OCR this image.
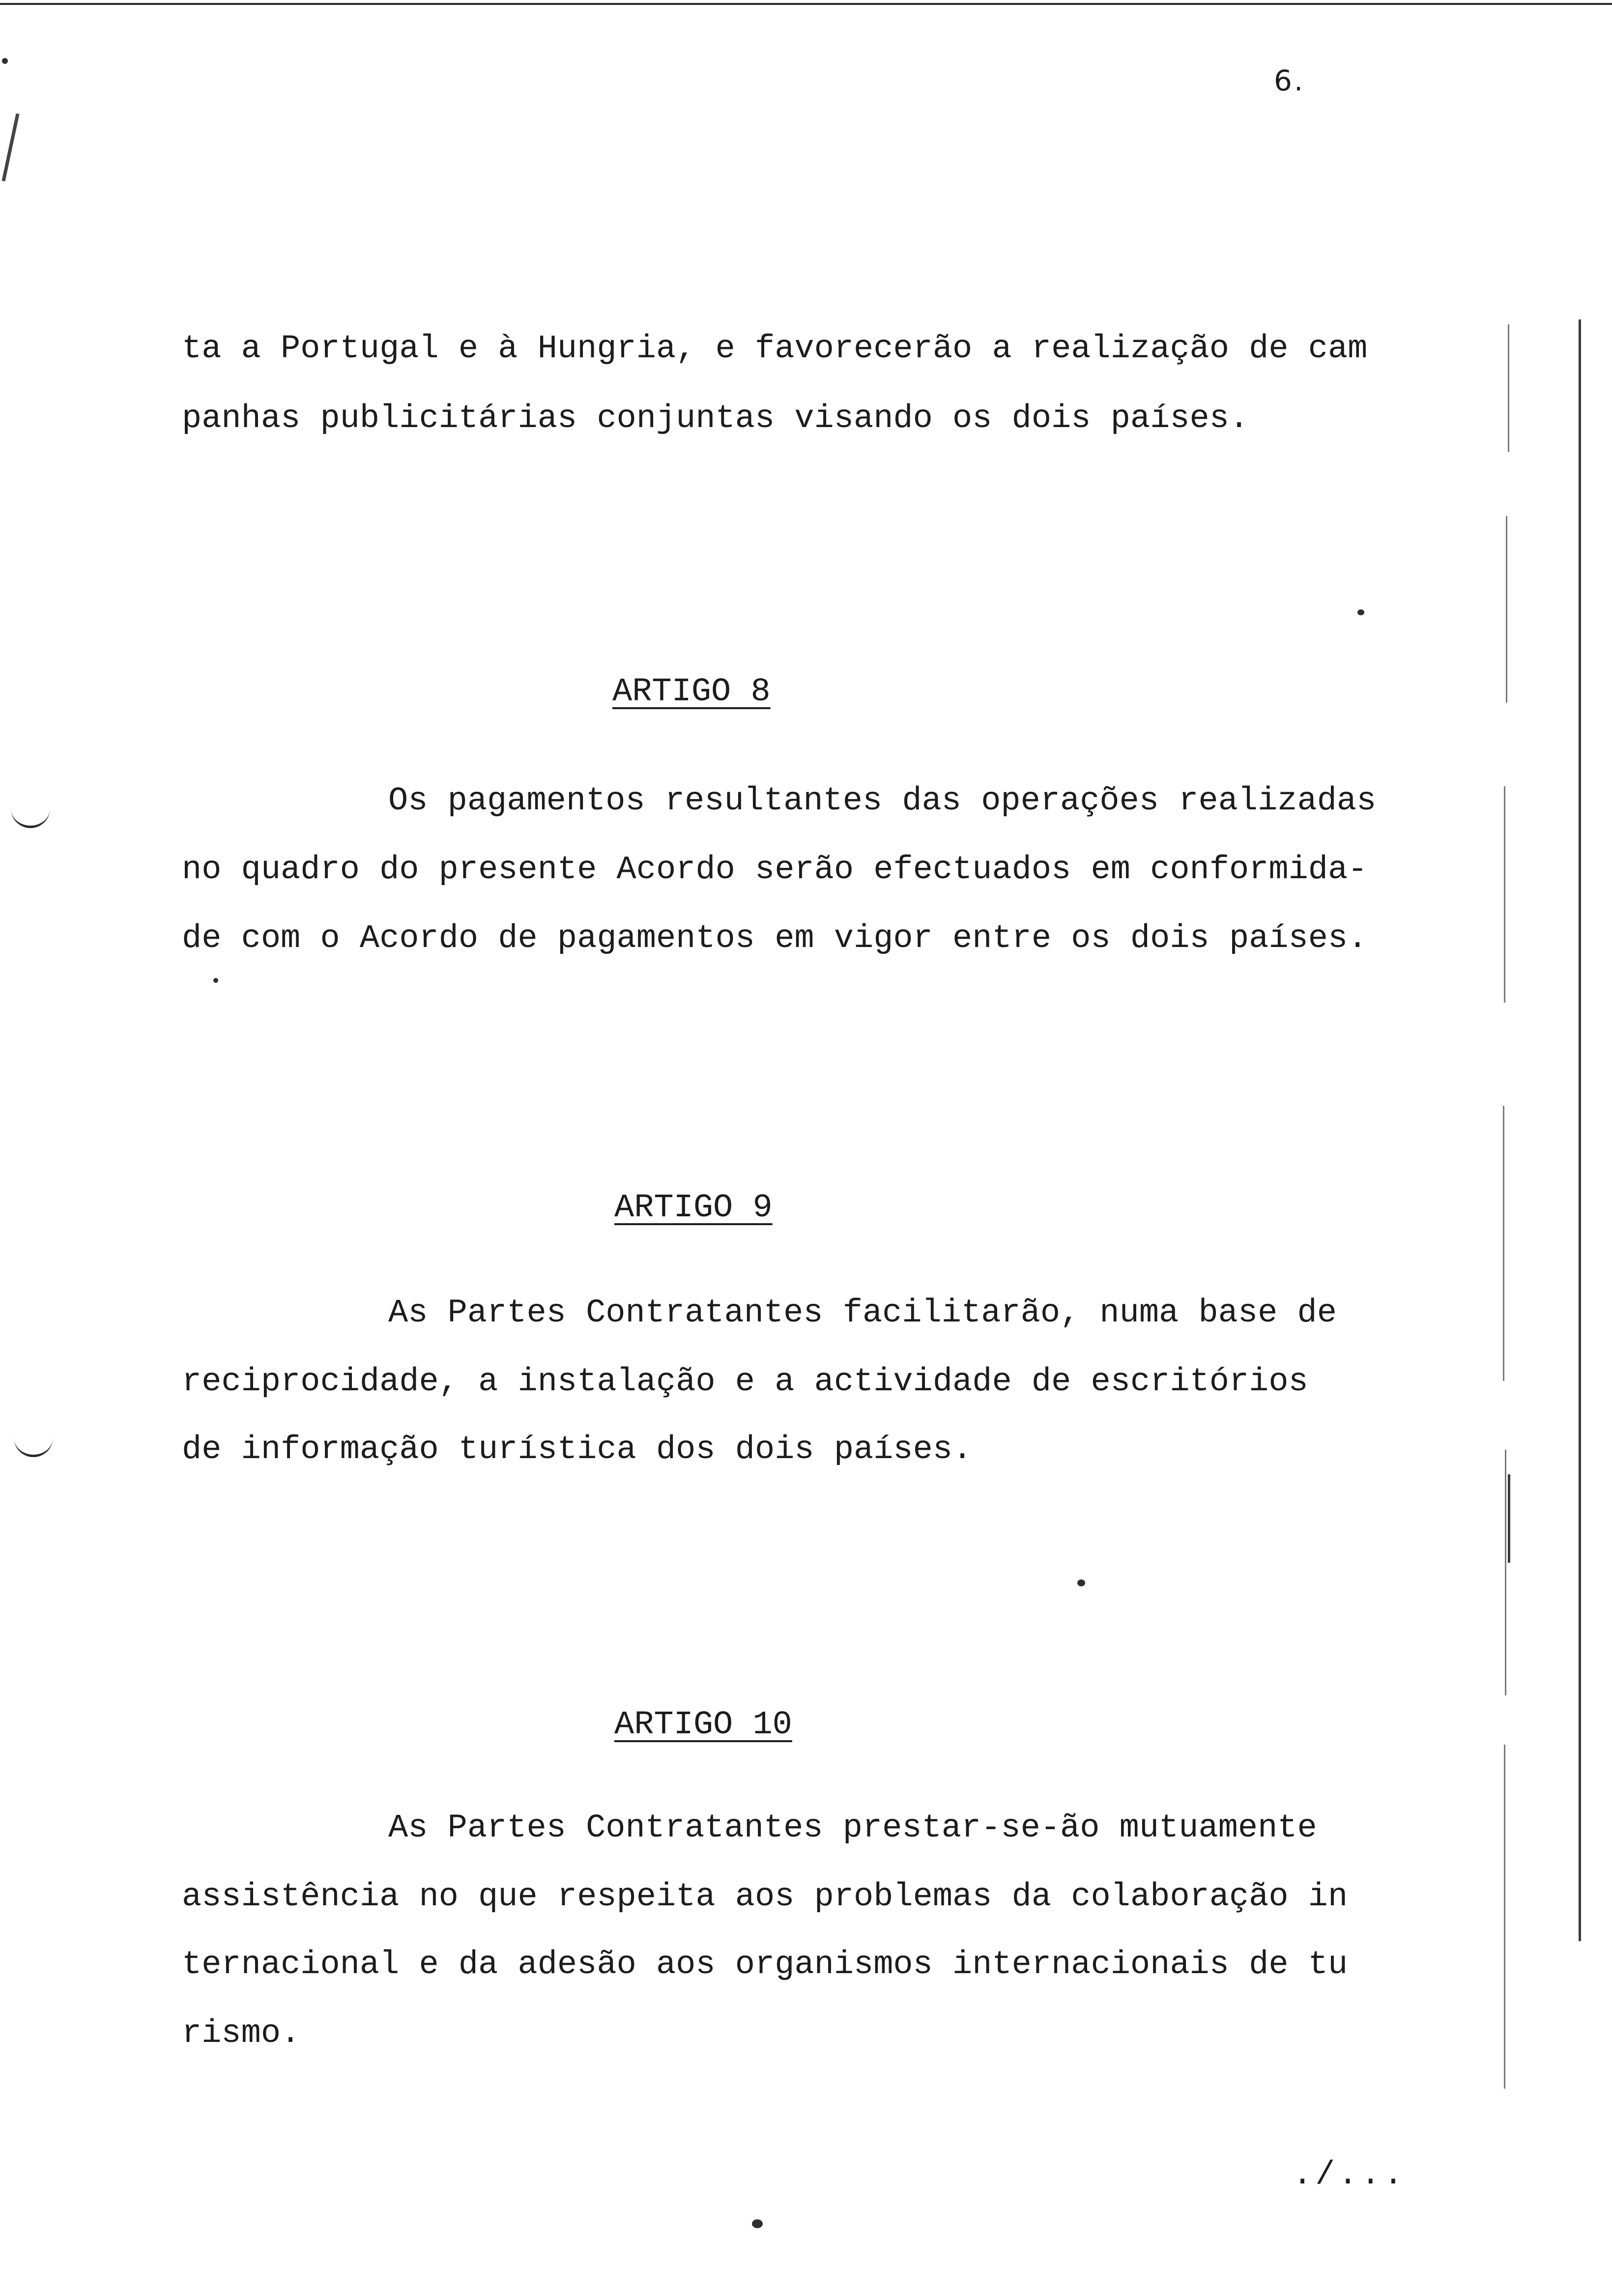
6.
ta a Portugal e à Hungria, e favorecerão a realização de cam
panhas publicitárias conjuntas visando os dois países.
ARTIGO 8
Os pagamentos resultantes das operações realizadas
no quadro do presente Acordo serão efectuados em conformida-
de com o Acordo de pagamentos em vigor entre os dois países.
ARTIGO 9
As Partes Contratantes facilitarão, numa base de
reciprocidade, a instalação e a actividade de escritórios
de informação turística dos dois países.
ARTIGO 10
As Partes Contratantes prestar-se-ão mutuamente
assistência no que respeita aos problemas da colaboração in
ternacional e da adesão aos organismos internacionais de tu
rismo.
./...
